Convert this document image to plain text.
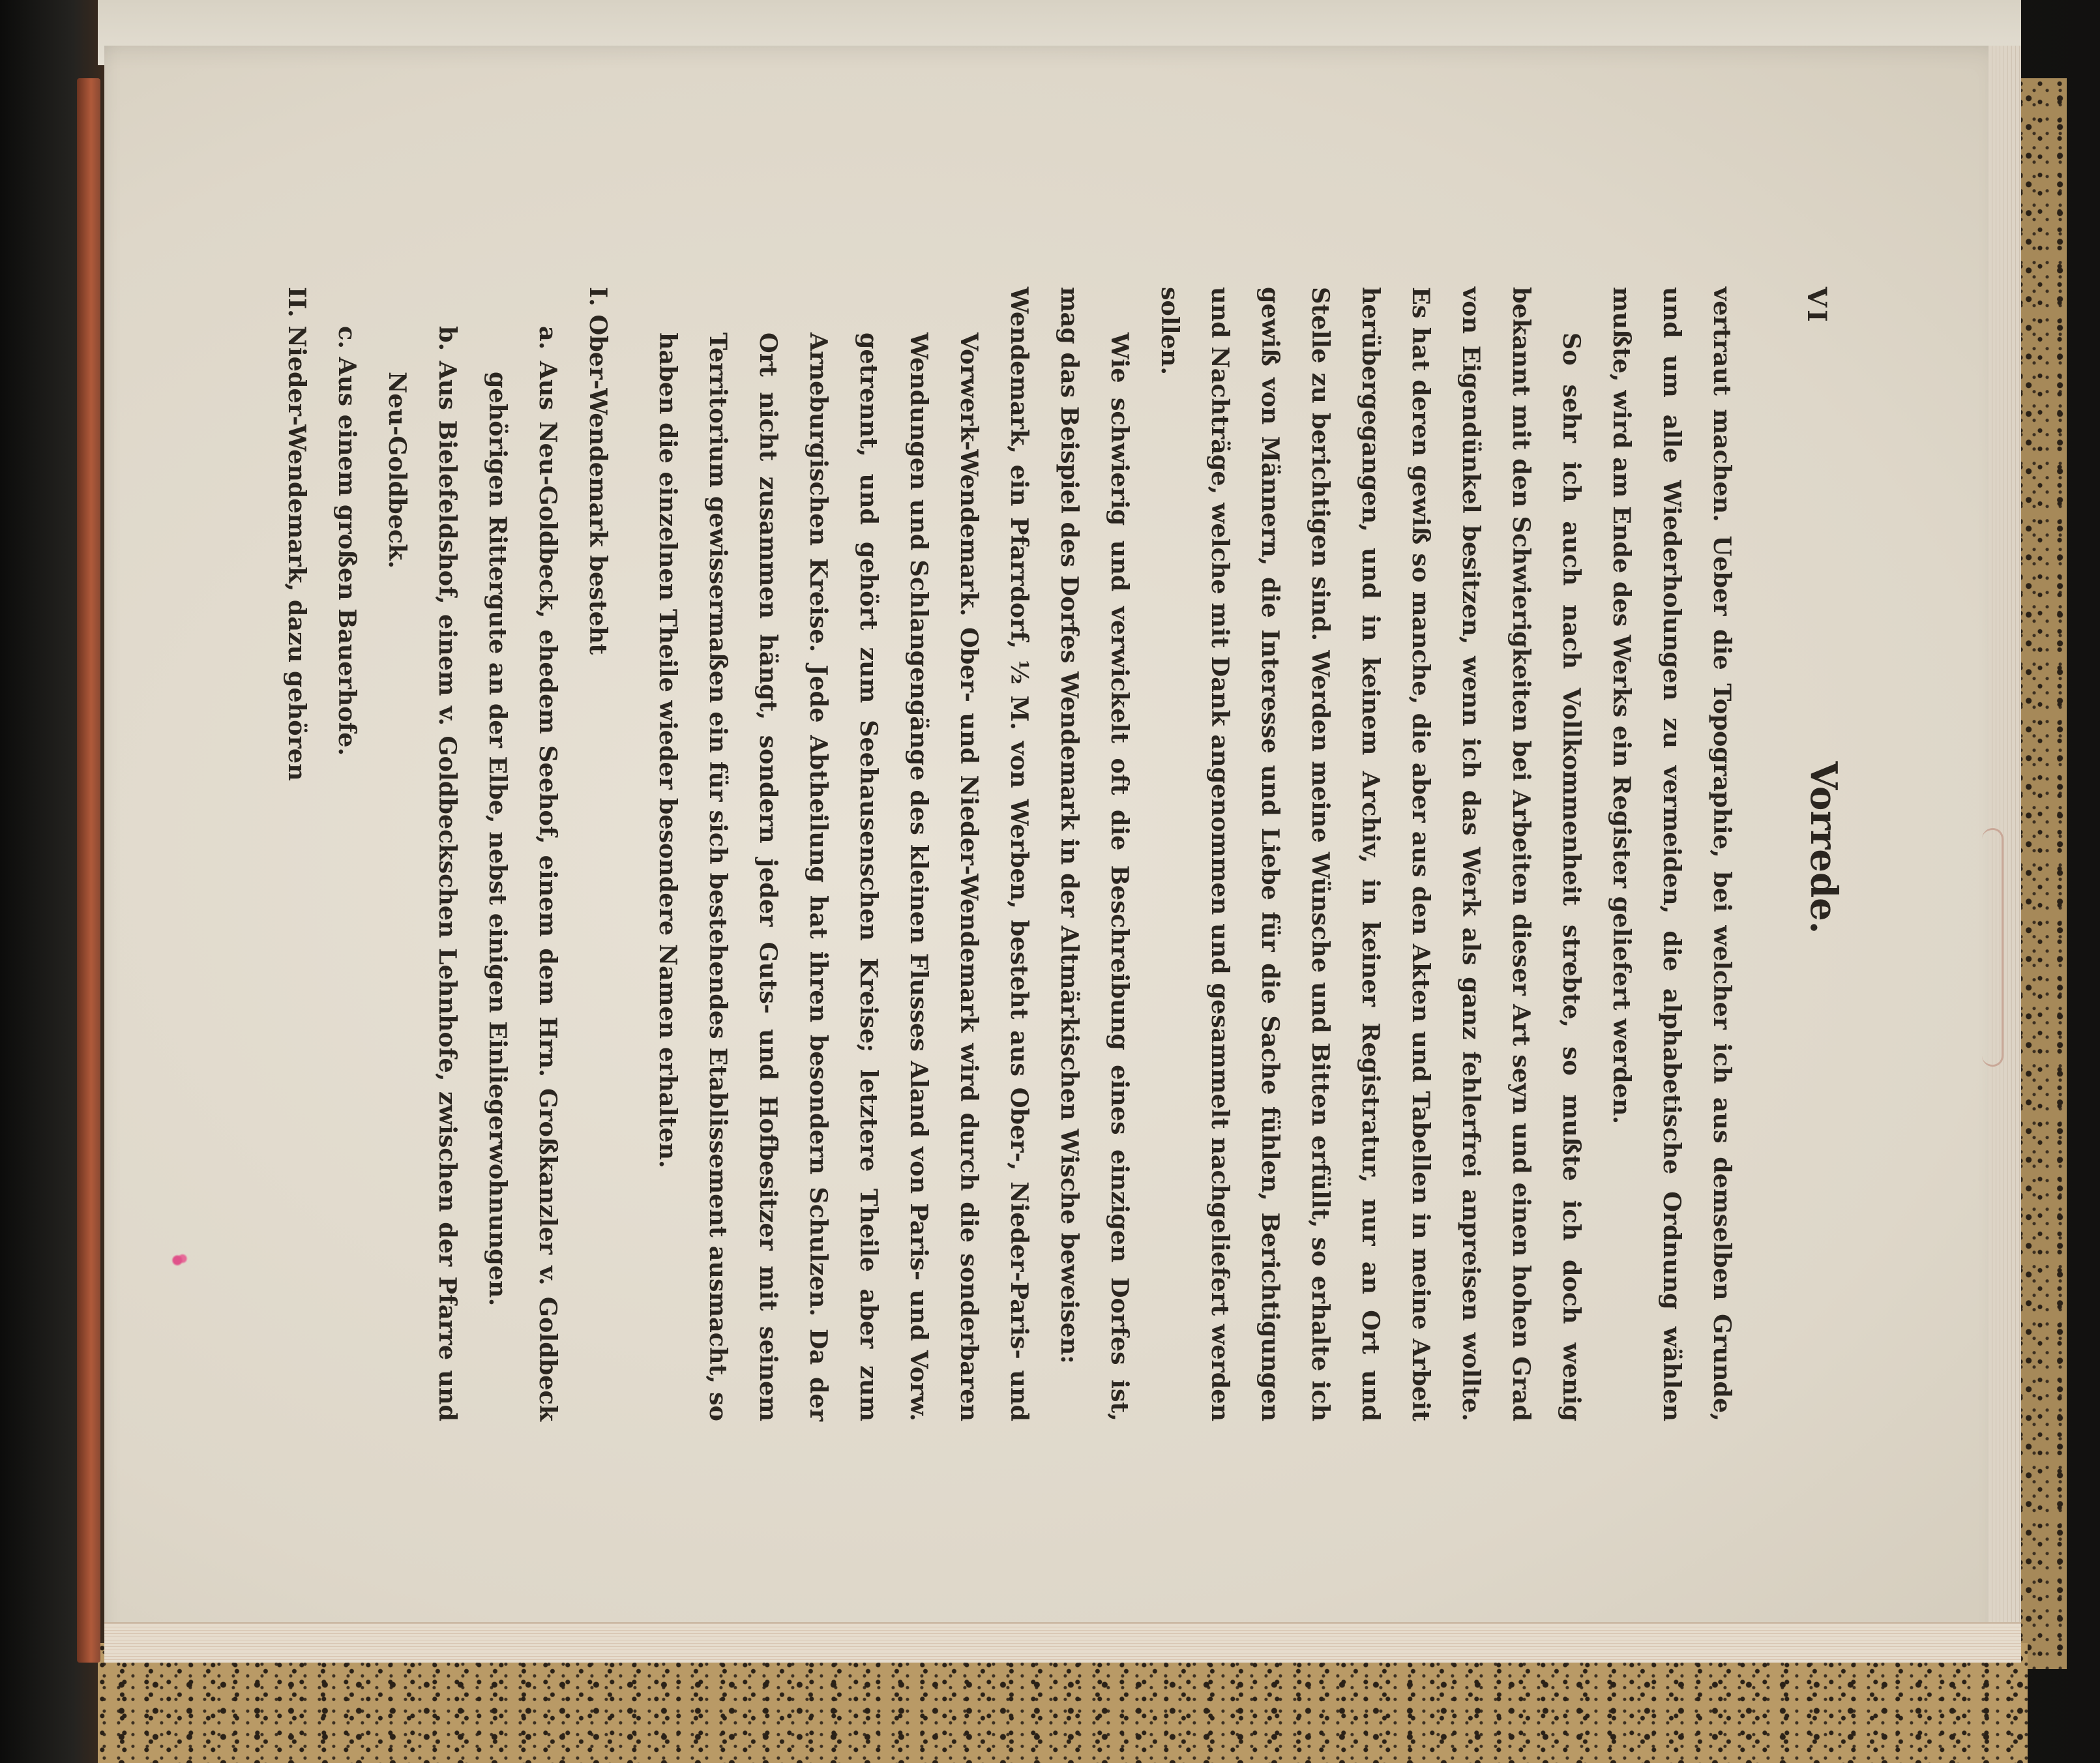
VI
Vorrede.

vertraut machen. Ueber die Topographie, bei welcher ich aus demselben Grunde, und um alle Wiederholungen zu vermeiden, die alphabetische Ordnung wählen mußte, wird am Ende des Werks ein Register geliefert werden.

So sehr ich auch nach Vollkommenheit strebte, so mußte ich doch wenig bekannt mit den Schwierigkeiten bei Arbeiten dieser Art seyn und einen hohen Grad von Eigendünkel besitzen, wenn ich das Werk als ganz fehlerfrei anpreisen wollte. Es hat deren gewiß so manche, die aber aus den Akten und Tabellen in meine Arbeit herübergegangen, und in keinem Archiv, in keiner Registratur, nur an Ort und Stelle zu berichtigen sind. Werden meine Wünsche und Bitten erfüllt, so erhalte ich gewiß von Männern, die Interesse und Liebe für die Sache fühlen, Berichtigungen und Nachträge, welche mit Dank angenommen und gesammelt nachgeliefert werden sollen.

Wie schwierig und verwickelt oft die Beschreibung eines einzigen Dorfes ist, mag das Beispiel des Dorfes Wendemark in der Altmärkischen Wische beweisen:

Wendemark, ein Pfarrdorf, ½ M. von Werben, besteht aus Ober-, Nieder-Paris- und Vorwerk-Wendemark. Ober- und Nieder-Wendemark wird durch die sonderbaren Wendungen und Schlangengänge des kleinen Flusses Aland von Paris- und Vorw. getrennt, und gehört zum Seehausenschen Kreise; letztere Theile aber zum Arneburgischen Kreise. Jede Abtheilung hat ihren besondern Schulzen. Da der Ort nicht zusammen hängt, sondern jeder Guts- und Hofbesitzer mit seinem Territorium gewissermaßen ein für sich bestehendes Etablissement ausmacht, so haben die einzelnen Theile wieder besondere Namen erhalten.

I. Ober-Wendemark besteht

a. Aus Neu-Goldbeck, ehedem Seehof, einem dem Hrn. Großkanzler v. Goldbeck gehörigen Rittergute an der Elbe, nebst einigen Einliegerwohnungen.

b. Aus Bielefeldshof, einem v. Goldbeckschen Lehnhofe, zwischen der Pfarre und Neu-Goldbeck.

c. Aus einem großen Bauerhofe.

II. Nieder-Wendemark, dazu gehören
